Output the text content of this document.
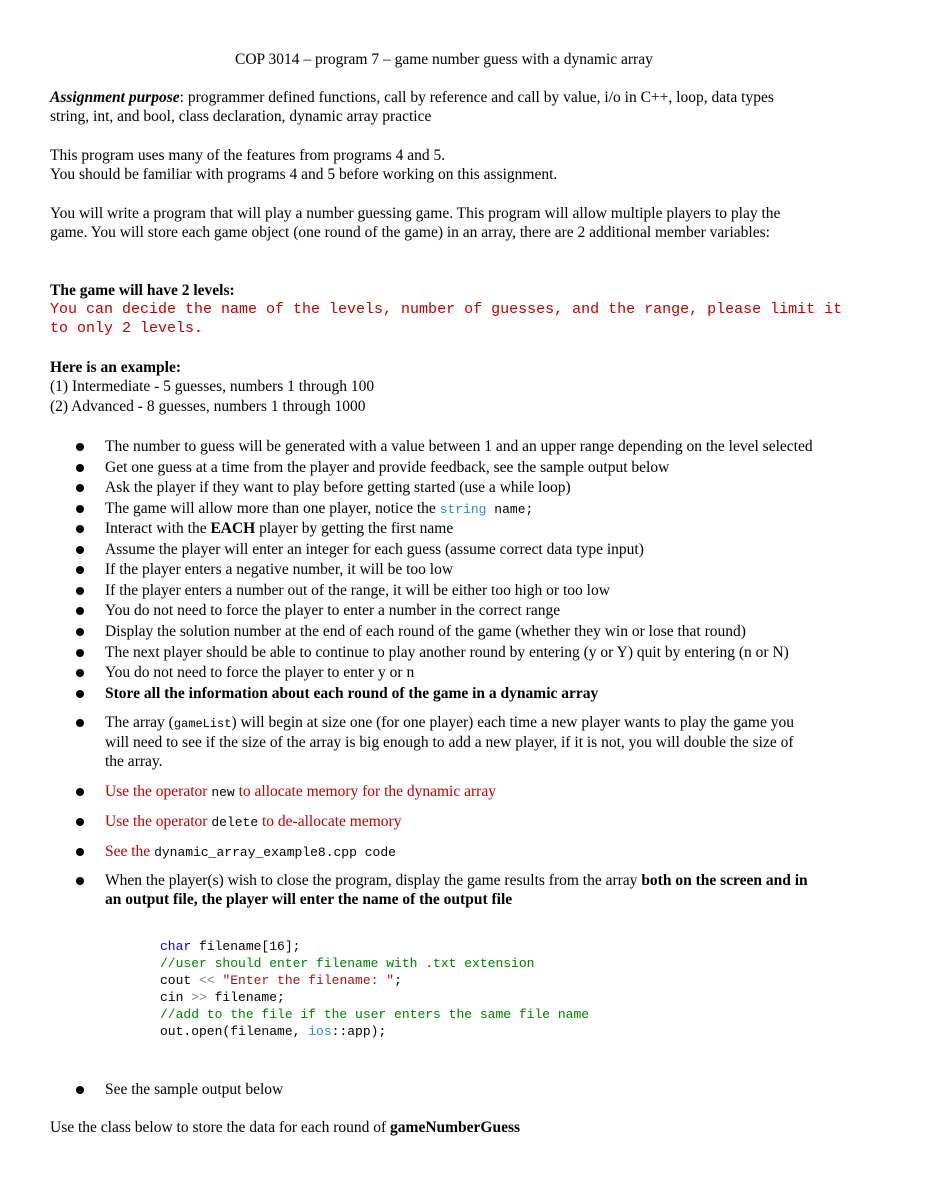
COP 3014 – program 7 – game number guess with a dynamic array
Assignment purpose: programmer defined functions, call by reference and call by value, i/o in C++, loop, data types
string, int, and bool, class declaration, dynamic array practice
This program uses many of the features from programs 4 and 5.
You should be familiar with programs 4 and 5 before working on this assignment.
You will write a program that will play a number guessing game. This program will allow multiple players to play the
game. You will store each game object (one round of the game) in an array, there are 2 additional member variables:
The game will have 2 levels:
You can decide the name of the levels, number of guesses, and the range, please limit it
to only 2 levels.
Here is an example:
(1) Intermediate - 5 guesses, numbers 1 through 100
(2) Advanced - 8 guesses, numbers 1 through 1000
The number to guess will be generated with a value between 1 and an upper range depending on the level selected
Get one guess at a time from the player and provide feedback, see the sample output below
Ask the player if they want to play before getting started (use a while loop)
The game will allow more than one player, notice the string name;
Interact with the EACH player by getting the first name
Assume the player will enter an integer for each guess (assume correct data type input)
If the player enters a negative number, it will be too low
If the player enters a number out of the range, it will be either too high or too low
You do not need to force the player to enter a number in the correct range
Display the solution number at the end of each round of the game (whether they win or lose that round)
The next player should be able to continue to play another round by entering (y or Y) quit by entering (n or N)
You do not need to force the player to enter y or n
Store all the information about each round of the game in a dynamic array
The array (gameList) will begin at size one (for one player) each time a new player wants to play the game you
will need to see if the size of the array is big enough to add a new player, if it is not, you will double the size of
the array.
Use the operator new to allocate memory for the dynamic array
Use the operator delete to de-allocate memory
See the dynamic_array_example8.cpp code
When the player(s) wish to close the program, display the game results from the array both on the screen and in
an output file, the player will enter the name of the output file
char filename[16];
//user should enter filename with .txt extension
cout << "Enter the filename: ";
cin >> filename;
//add to the file if the user enters the same file name
out.open(filename, ios::app);
See the sample output below
Use the class below to store the data for each round of gameNumberGuess
